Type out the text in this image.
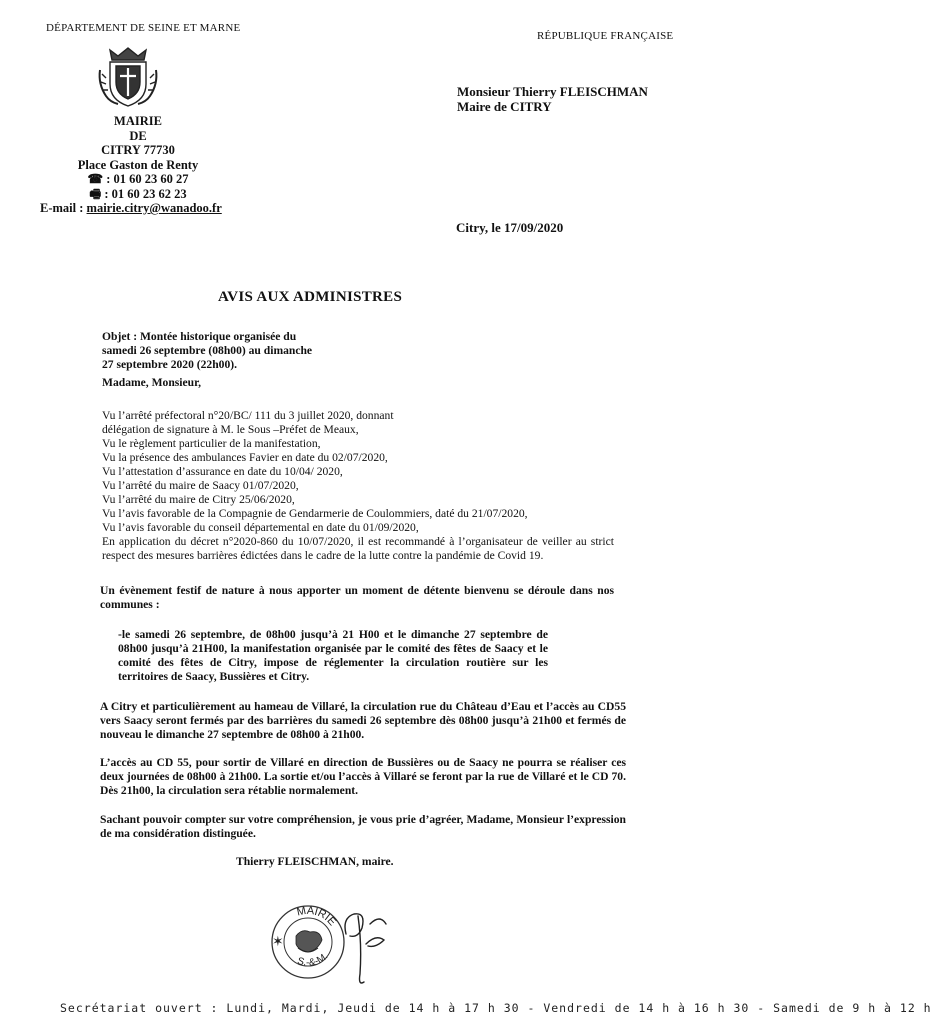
DÉPARTEMENT DE SEINE ET MARNE
RÉPUBLIQUE FRANÇAISE
MAIRIE
DE
CITRY 77730
Place Gaston de Renty
☎ : 01 60 23 60 27
🖷 : 01 60 23 62 23
E-mail : mairie.citry@wanadoo.fr
Monsieur Thierry FLEISCHMAN
Maire de CITRY
Citry, le 17/09/2020
AVIS AUX ADMINISTRES
Objet : Montée historique organisée du samedi 26 septembre (08h00) au dimanche 27 septembre 2020 (22h00).
Madame, Monsieur,
Vu l’arrêté préfectoral n°20/BC/ 111 du 3 juillet 2020, donnant
délégation de signature à M. le Sous –Préfet de Meaux,
Vu le règlement particulier de la manifestation,
Vu la présence des ambulances Favier en date du 02/07/2020,
Vu l’attestation d’assurance en date du 10/04/ 2020,
Vu l’arrêté du maire de Saacy 01/07/2020,
Vu l’arrêté du maire de Citry 25/06/2020,
Vu l’avis favorable de la Compagnie de Gendarmerie de Coulommiers, daté du 21/07/2020,
Vu l’avis favorable du conseil départemental en date du 01/09/2020,
En application du décret n°2020-860 du 10/07/2020, il est recommandé à l’organisateur de veiller au strict respect des mesures barrières édictées dans le cadre de la lutte contre la pandémie de Covid 19.
Un évènement festif de nature à nous apporter un moment de détente bienvenu se déroule dans nos communes :
-le samedi 26 septembre, de 08h00 jusqu’à 21 H00 et le dimanche 27 septembre de 08h00 jusqu’à 21H00, la manifestation organisée par le comité des fêtes de Saacy et le comité des fêtes de Citry, impose de réglementer la circulation routière sur les territoires de Saacy, Bussières et Citry.
A Citry et particulièrement au hameau de Villaré, la circulation rue du Château d’Eau et l’accès au CD55 vers Saacy seront fermés par des barrières du samedi 26 septembre dès 08h00 jusqu’à 21h00 et fermés de nouveau le dimanche 27 septembre de 08h00 à 21h00.
L’accès au CD 55, pour sortir de Villaré en direction de Bussières ou de Saacy ne pourra se réaliser ces deux journées de 08h00 à 21h00. La sortie et/ou l’accès à Villaré se feront par la rue de Villaré et le CD 70. Dès 21h00, la circulation sera rétablie normalement.
Sachant pouvoir compter sur votre compréhension, je vous prie d’agréer, Madame, Monsieur l’expression de ma considération distinguée.
Thierry FLEISCHMAN, maire.
MAIRIE
S.-&-M.
✶
Secrétariat ouvert : Lundi, Mardi, Jeudi de 14 h à 17 h 30 - Vendredi de 14 h à 16 h 30 - Samedi de 9 h à 12 h
